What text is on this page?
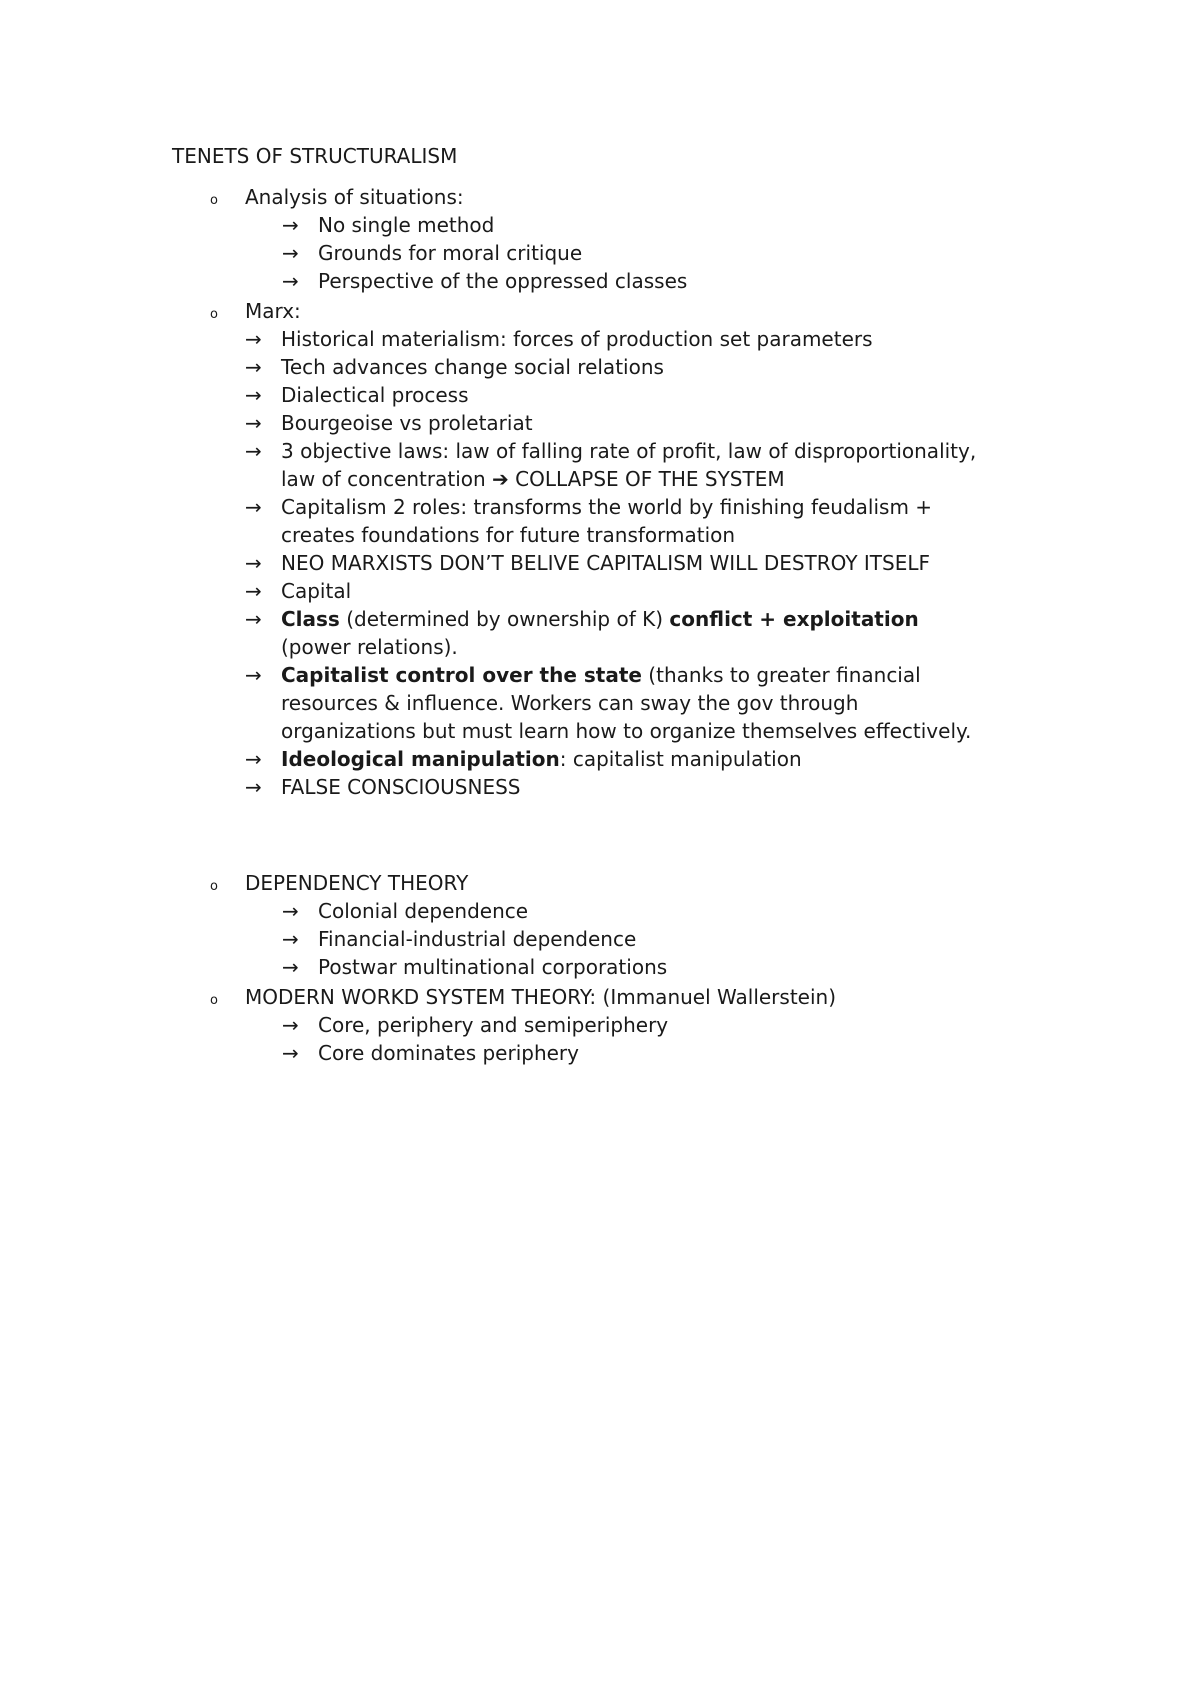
TENETS OF STRUCTURALISM
o Analysis of situations:
→ No single method
→ Grounds for moral critique
→ Perspective of the oppressed classes
o Marx:
→ Historical materialism: forces of production set parameters
→ Tech advances change social relations
→ Dialectical process
→ Bourgeoise vs proletariat
→ 3 objective laws: law of falling rate of profit, law of disproportionality, law of concentration ➔ COLLAPSE OF THE SYSTEM
→ Capitalism 2 roles: transforms the world by finishing feudalism + creates foundations for future transformation
→ NEO MARXISTS DON’T BELIVE CAPITALISM WILL DESTROY ITSELF
→ Capital
→ Class (determined by ownership of K) conflict + exploitation (power relations).
→ Capitalist control over the state (thanks to greater financial resources & influence. Workers can sway the gov through organizations but must learn how to organize themselves effectively.
→ Ideological manipulation: capitalist manipulation
→ FALSE CONSCIOUSNESS
o DEPENDENCY THEORY
→ Colonial dependence
→ Financial-industrial dependence
→ Postwar multinational corporations
o MODERN WORKD SYSTEM THEORY: (Immanuel Wallerstein)
→ Core, periphery and semiperiphery
→ Core dominates periphery
